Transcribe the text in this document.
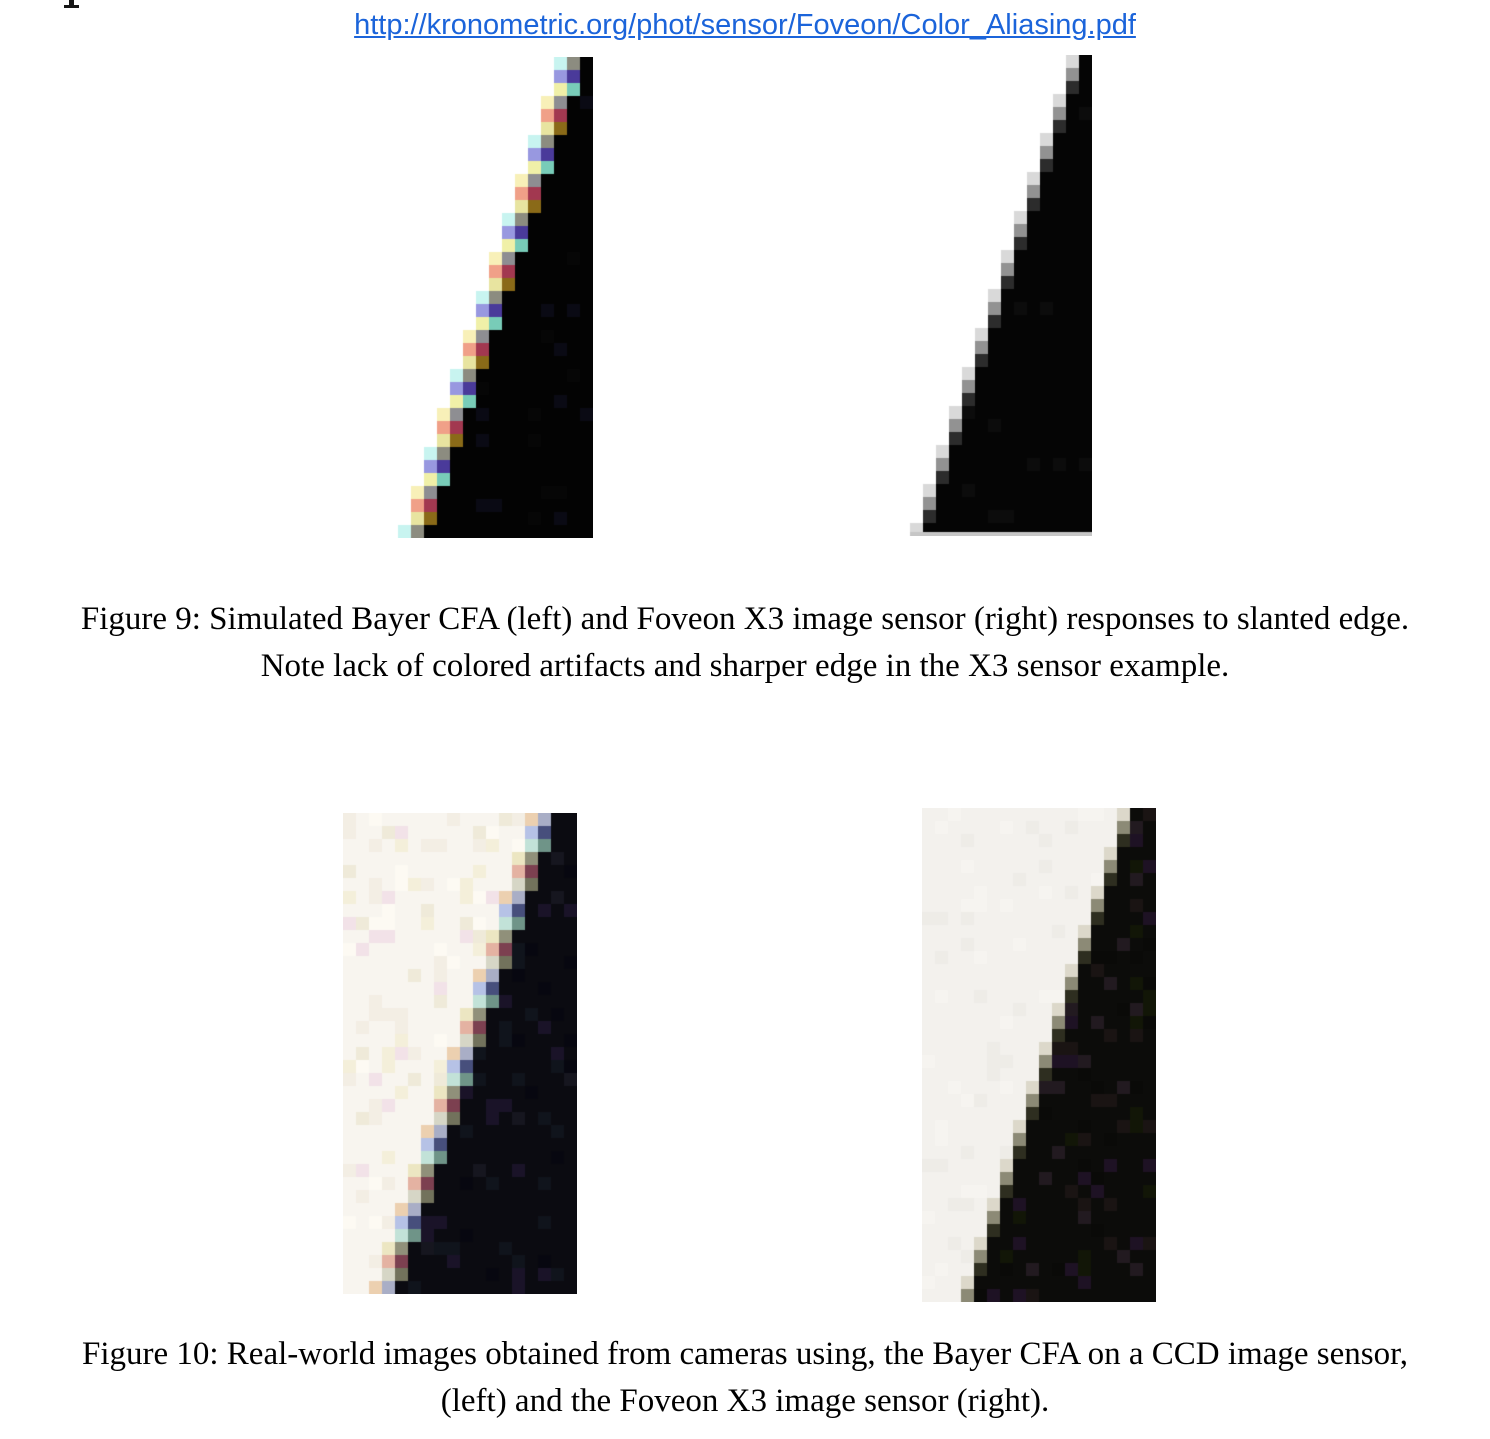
http://kronometric.org/phot/sensor/Foveon/Color_Aliasing.pdf
Figure 9: Simulated Bayer CFA (left) and Foveon X3 image sensor (right) responses to slanted edge.
Note lack of colored artifacts and sharper edge in the X3 sensor example.
Figure 10: Real-world images obtained from cameras using, the Bayer CFA on a CCD image sensor,
(left) and the Foveon X3 image sensor (right).
